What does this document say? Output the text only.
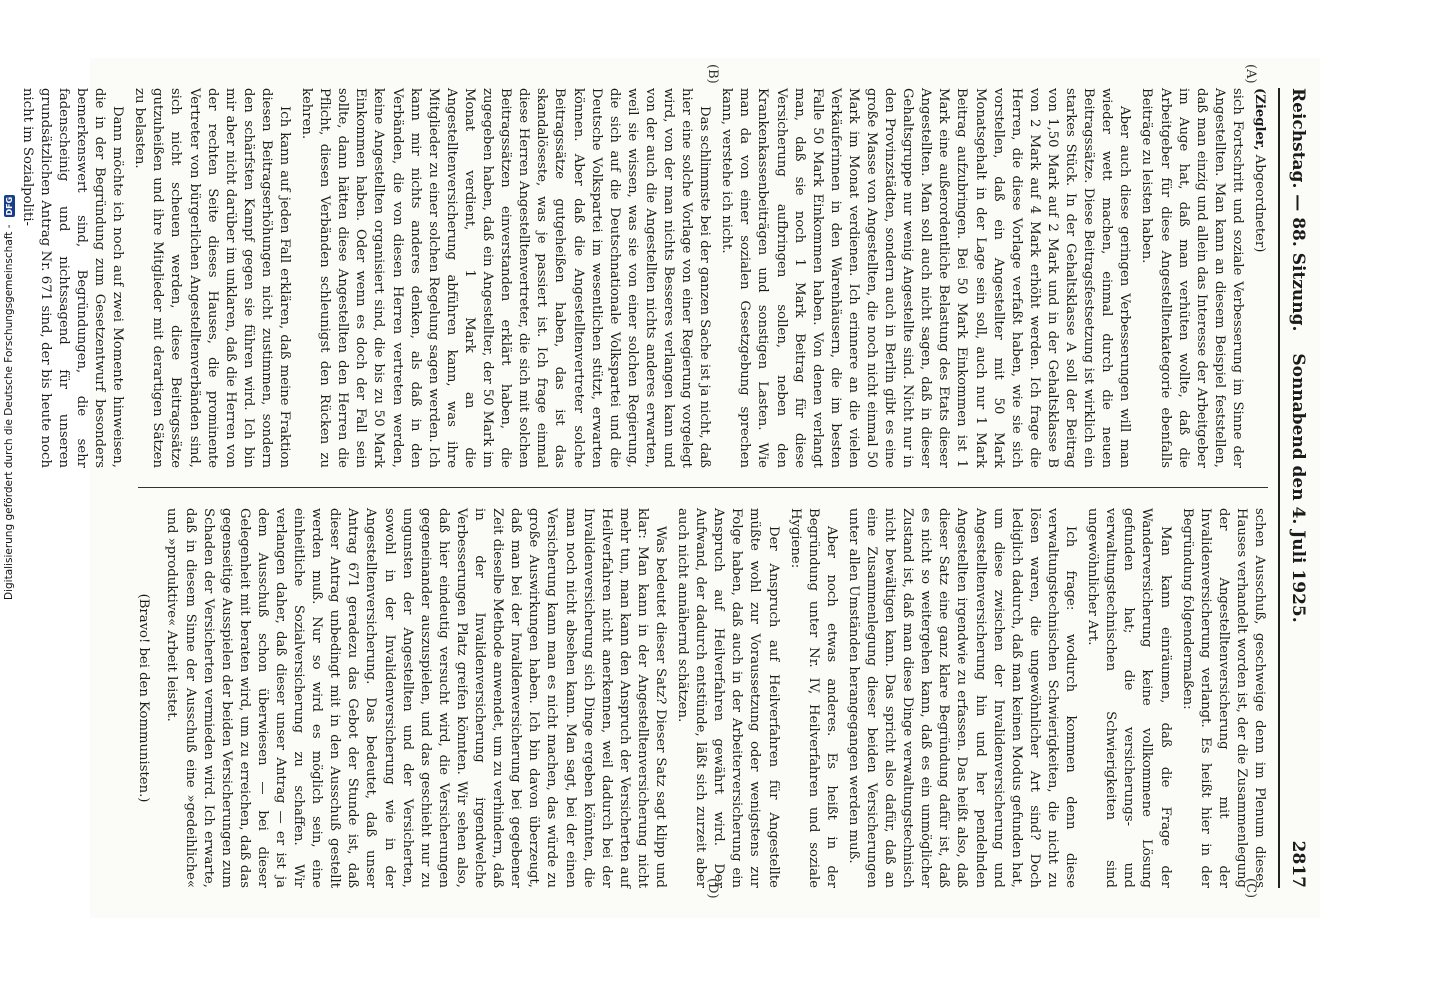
Reichstag. — 88. Sitzung.
Sonnabend den 4. Juli 1925.
2817
(A)
(B)
(C)
(D)

(Ziegler, Abgeordneter)

sich Fortschritt und soziale Verbesserung im Sinne der Angestellten. Man kann an diesem Beispiel feststellen, daß man einzig und allein das Interesse der Arbeitgeber im Auge hat, daß man verhüten wollte, daß die Arbeitgeber für diese Angestelltenkategorie ebenfalls Beiträge zu leisten haben.

Aber auch diese geringen Verbesserungen will man wieder wett machen, einmal durch die neuen Beitragssätze. Diese Beitragsfestsetzung ist wirklich ein starkes Stück. In der Gehaltsklasse A soll der Beitrag von 1,50 Mark auf 2 Mark und in der Gehaltsklasse B von 2 Mark auf 4 Mark erhöht werden. Ich frage die Herren, die diese Vorlage verfaßt haben, wie sie sich vorstellen, daß ein Angestellter mit 50 Mark Monatsgehalt in der Lage sein soll, auch nur 1 Mark Beitrag aufzubringen. Bei 50 Mark Einkommen ist 1 Mark eine außerordentliche Belastung des Etats dieser Angestellten. Man soll auch nicht sagen, daß in dieser Gehaltsgruppe nur wenig Angestellte sind. Nicht nur in den Provinzstädten, sondern auch in Berlin gibt es eine große Masse von Angestellten, die noch nicht einmal 50 Mark im Monat verdienen. Ich erinnere an die vielen Verkäuferinnen in den Warenhäusern, die im besten Falle 50 Mark Einkommen haben. Von denen verlangt man, daß sie noch 1 Mark Beitrag für diese Versicherung aufbringen sollen, neben den Krankenkassenbeiträgen und sonstigen Lasten. Wie man da von einer sozialen Gesetzgebung sprechen kann, verstehe ich nicht.

Das schlimmste bei der ganzen Sache ist ja nicht, daß hier eine solche Vorlage von einer Regierung vorgelegt wird, von der man nichts Besseres verlangen kann und von der auch die Angestellten nichts anderes erwarten, weil sie wissen, was sie von einer solchen Regierung, die sich auf die Deutschnationale Volkspartei und die Deutsche Volkspartei im wesentlichen stützt, erwarten können. Aber daß die Angestelltenvertreter solche Beitragssätze gutgeheißen haben, das ist das skandalöseste, was je passiert ist. Ich frage einmal diese Herren Angestelltenvertreter, die sich mit solchen Beitragssätzen einverstanden erklärt haben, die zugegeben haben, daß ein Angestellter, der 50 Mark im Monat verdient, 1 Mark an die Angestelltenversicherung abführen kann, was ihre Mitglieder zu einer solchen Regelung sagen werden. Ich kann mir nichts anderes denken, als daß in den Verbänden, die von diesen Herren vertreten werden, keine Angestellten organisiert sind, die bis zu 50 Mark Einkommen haben. Oder wenn es doch der Fall sein sollte, dann hätten diese Angestellten den Herren die Pflicht, diesen Verbänden schleunigst den Rücken zu kehren.

Ich kann auf jeden Fall erklären, daß meine Fraktion diesen Beitragserhöhungen nicht zustimmen, sondern den schärfsten Kampf gegen sie führen wird. Ich bin mir aber nicht darüber im unklaren, daß die Herren von der rechten Seite dieses Hauses, die prominente Vertreter von bürgerlichen Angestelltenverbänden sind, sich nicht scheuen werden, diese Beitragssätze gutzuheißen und ihre Mitglieder mit derartigen Sätzen zu belasten.

Dann möchte ich noch auf zwei Momente hinweisen, die in der Begründung zum Gesetzentwurf besonders bemerkenswert sind, Begründungen, die sehr fadenscheinig und nichtssagend für unseren grundsätzlichen Antrag Nr. 671 sind, der bis heute noch nicht im Sozialpoliti-

schen Ausschuß, geschweige denn im Plenum dieses Hauses verhandelt worden ist, der die Zusammenlegung der Angestelltenversicherung mit der Invalidenversicherung verlangt. Es heißt hier in der Begründung folgendermaßen:

Man kann einräumen, daß die Frage der Wanderversicherung keine vollkommene Lösung gefunden hat; die versicherungs- und verwaltungstechnischen Schwierigkeiten sind ungewöhnlicher Art.

Ich frage: wodurch kommen denn diese verwaltungstechnischen Schwierigkeiten, die nicht zu lösen waren, die ungewöhnlicher Art sind? Doch lediglich dadurch, daß man keinen Modus gefunden hat, um diese zwischen der Invalidenversicherung und Angestelltenversicherung hin und her pendelnden Angestellten irgendwie zu erfassen. Das heißt also, daß dieser Satz eine ganz klare Begründung dafür ist, daß es nicht so weitergehen kann, daß es ein unmöglicher Zustand ist, daß man diese Dinge verwaltungstechnisch nicht bewältigen kann. Das spricht also dafür, daß an eine Zusammenlegung dieser beiden Versicherungen unter allen Umständen herangegangen werden muß.

Aber noch etwas anderes. Es heißt in der Begründung unter Nr. IV, Heilverfahren und soziale Hygiene:

Der Anspruch auf Heilverfahren für Angestellte müßte wohl zur Voraussetzung oder wenigstens zur Folge haben, daß auch in der Arbeiterversicherung ein Anspruch auf Heilverfahren gewährt wird. Der Aufwand, der dadurch entstünde, läßt sich zurzeit aber auch nicht annähernd schätzen.

Was bedeutet dieser Satz? Dieser Satz sagt klipp und klar: Man kann in der Angestelltenversicherung nicht mehr tun, man kann den Anspruch der Versicherten auf Heilverfahren nicht anerkennen, weil dadurch bei der Invalidenversicherung sich Dinge ergeben könnten, die man noch nicht absehen kann. Man sagt, bei der einen Versicherung kann man es nicht machen, das würde zu große Auswirkungen haben. Ich bin davon überzeugt, daß man bei der Invalidenversicherung bei gegebener Zeit dieselbe Methode anwendet, um zu verhindern, daß in der Invalidenversicherung irgendwelche Verbesserungen Platz greifen könnten. Wir sehen also, daß hier eindeutig versucht wird, die Versicherungen gegeneinander auszuspielen, und das geschieht nur zu ungunsten der Angestellten und der Versicherten, sowohl in der Invalidenversicherung wie in der Angestelltenversicherung. Das bedeutet, daß unser Antrag 671 geradezu das Gebot der Stunde ist, daß dieser Antrag unbedingt mit in den Ausschuß gestellt werden muß. Nur so wird es möglich sein, eine einheitliche Sozialversicherung zu schaffen. Wir verlangen daher, daß dieser unser Antrag — er ist ja dem Ausschuß schon überwiesen — bei dieser Gelegenheit mit beraten wird, um zu erreichen, daß das gegenseitige Ausspielen der beiden Versicherungen zum Schaden der Versicherten vermieden wird. Ich erwarte, daß in diesem Sinne der Ausschuß eine »gedeihliche« und »produktive« Arbeit leistet.

(Bravo! bei den Kommunisten.)

Digitalisierung gefördert durch die Deutsche Forschungsgemeinschaft - DFG
